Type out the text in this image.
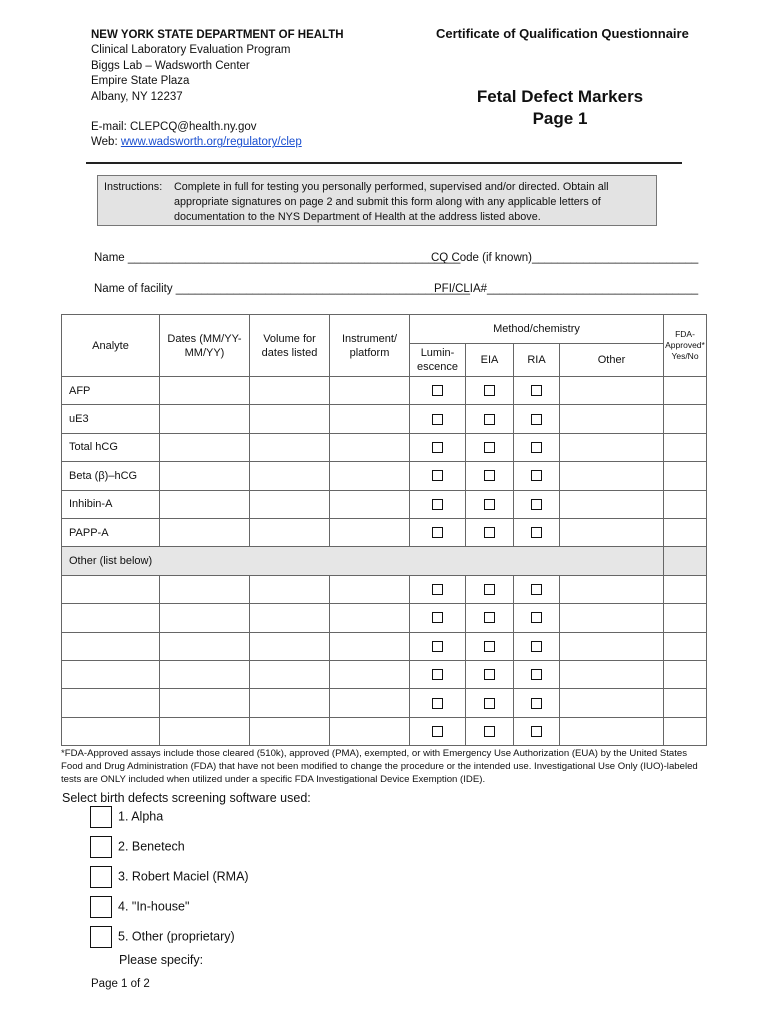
NEW YORK STATE DEPARTMENT OF HEALTH
Clinical Laboratory Evaluation Program
Biggs Lab – Wadsworth Center
Empire State Plaza
Albany, NY 12237
E-mail: CLEPCQ@health.ny.gov
Web: www.wadsworth.org/regulatory/clep
Certificate of Qualification Questionnaire
Fetal Defect Markers
Page 1
Instructions: Complete in full for testing you personally performed, supervised and/or directed. Obtain all appropriate signatures on page 2 and submit this form along with any applicable letters of documentation to the NYS Department of Health at the address listed above.
Name ____________________________________________________
CQ Code (if known)__________________________
Name of facility ______________________________________________
PFI/CLIA#_________________________________
Analyte	Dates (MM/YY-MM/YY)	Volume for dates listed	Instrument/ platform	Method/chemistry				FDA-Approved* Yes/No
				Lumin-escence	EIA	RIA	Other	
AFP								
uE3								
Total hCG								
Beta (β)–hCG								
Inhibin-A								
PAPP-A								
Other (list below)								

*FDA-Approved assays include those cleared (510k), approved (PMA), exempted, or with Emergency Use Authorization (EUA) by the United States Food and Drug Administration (FDA) that have not been modified to change the procedure or the intended use. Investigational Use Only (IUO)-labeled tests are ONLY included when utilized under a specific FDA Investigational Device Exemption (IDE).
Select birth defects screening software used:
1. Alpha
2. Benetech
3. Robert Maciel (RMA)
4. "In-house"
5. Other (proprietary)
Please specify:
Page 1 of 2
